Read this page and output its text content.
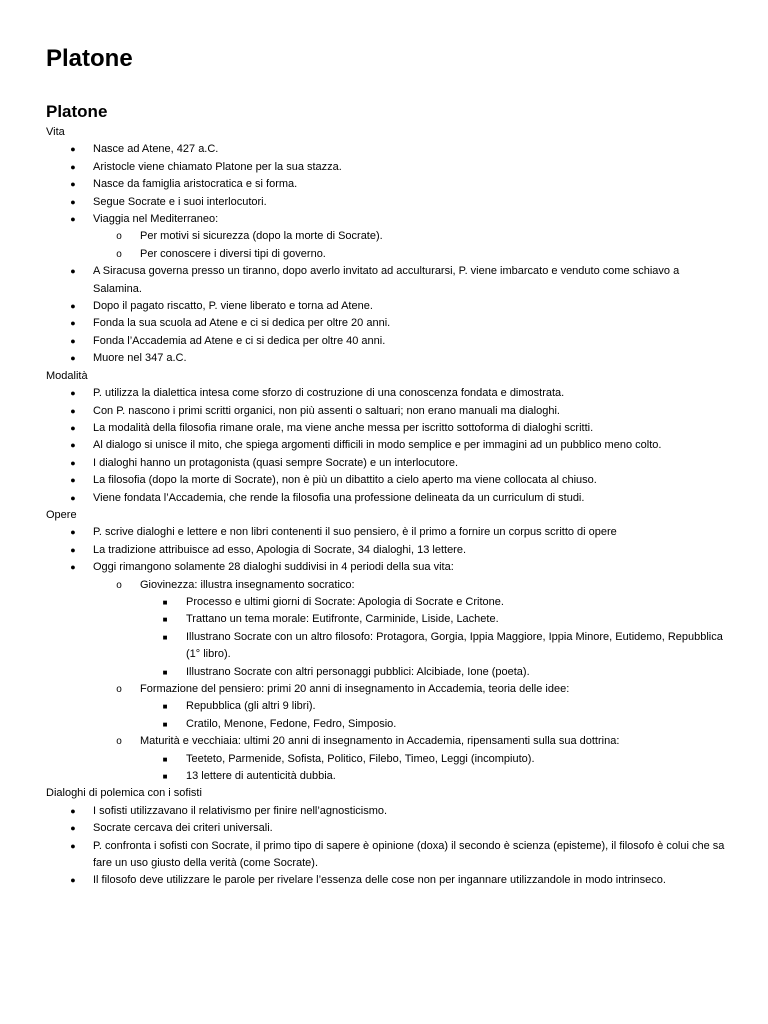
Platone
Platone
Vita
●	Nasce ad Atene, 427 a.C.
●	Aristocle viene chiamato Platone per la sua stazza.
●	Nasce da famiglia aristocratica e si forma.
●	Segue Socrate e i suoi interlocutori.
●	Viaggia nel Mediterraneo:
o	Per motivi si sicurezza (dopo la morte di Socrate).
o	Per conoscere i diversi tipi di governo.
●	A Siracusa governa presso un tiranno, dopo averlo invitato ad acculturarsi, P. viene imbarcato e venduto come schiavo a Salamina.
●	Dopo il pagato riscatto, P. viene liberato e torna ad Atene.
●	Fonda la sua scuola ad Atene e ci si dedica per oltre 20 anni.
●	Fonda l’Accademia ad Atene e ci si dedica per oltre 40 anni.
●	Muore nel 347 a.C.
Modalità
●	P. utilizza la dialettica intesa come sforzo di costruzione di una conoscenza fondata e dimostrata.
●	Con P. nascono i primi scritti organici, non più assenti o saltuari; non erano manuali ma dialoghi.
●	La modalità della filosofia rimane orale, ma viene anche messa per iscritto sottoforma di dialoghi scritti.
●	Al dialogo si unisce il mito, che spiega argomenti difficili in modo semplice e per immagini ad un pubblico meno colto.
●	I dialoghi hanno un protagonista (quasi sempre Socrate) e un interlocutore.
●	La filosofia (dopo la morte di Socrate), non è più un dibattito a cielo aperto ma viene collocata al chiuso.
●	Viene fondata l’Accademia, che rende la filosofia una professione delineata da un curriculum di studi.
Opere
●	P. scrive dialoghi e lettere e non libri contenenti il suo pensiero, è il primo a fornire un corpus scritto di opere
●	La tradizione attribuisce ad esso, Apologia di Socrate, 34 dialoghi, 13 lettere.
●	Oggi rimangono solamente 28 dialoghi suddivisi in 4 periodi della sua vita:
o	Giovinezza: illustra insegnamento socratico:
■	Processo e ultimi giorni di Socrate: Apologia di Socrate e Critone.
■	Trattano un tema morale: Eutifronte, Carminide, Liside, Lachete.
■	Illustrano Socrate con un altro filosofo: Protagora, Gorgia, Ippia Maggiore, Ippia Minore, Eutidemo, Repubblica (1° libro).
■	Illustrano Socrate con altri personaggi pubblici: Alcibiade, Ione (poeta).
o	Formazione del pensiero: primi 20 anni di insegnamento in Accademia, teoria delle idee:
■	Repubblica (gli altri 9 libri).
■	Cratilo, Menone, Fedone, Fedro, Simposio.
o	Maturità e vecchiaia: ultimi 20 anni di insegnamento in Accademia, ripensamenti sulla sua dottrina:
■	Teeteto, Parmenide, Sofista, Politico, Filebo, Timeo, Leggi (incompiuto).
■	13 lettere di autenticità dubbia.
Dialoghi di polemica con i sofisti
●	I sofisti utilizzavano il relativismo per finire nell’agnosticismo.
●	Socrate cercava dei criteri universali.
●	P. confronta i sofisti con Socrate, il primo tipo di sapere è opinione (doxa) il secondo è scienza (episteme), il filosofo è colui che sa fare un uso giusto della verità (come Socrate).
●	Il filosofo deve utilizzare le parole per rivelare l’essenza delle cose non per ingannare utilizzandole in modo intrinseco.
